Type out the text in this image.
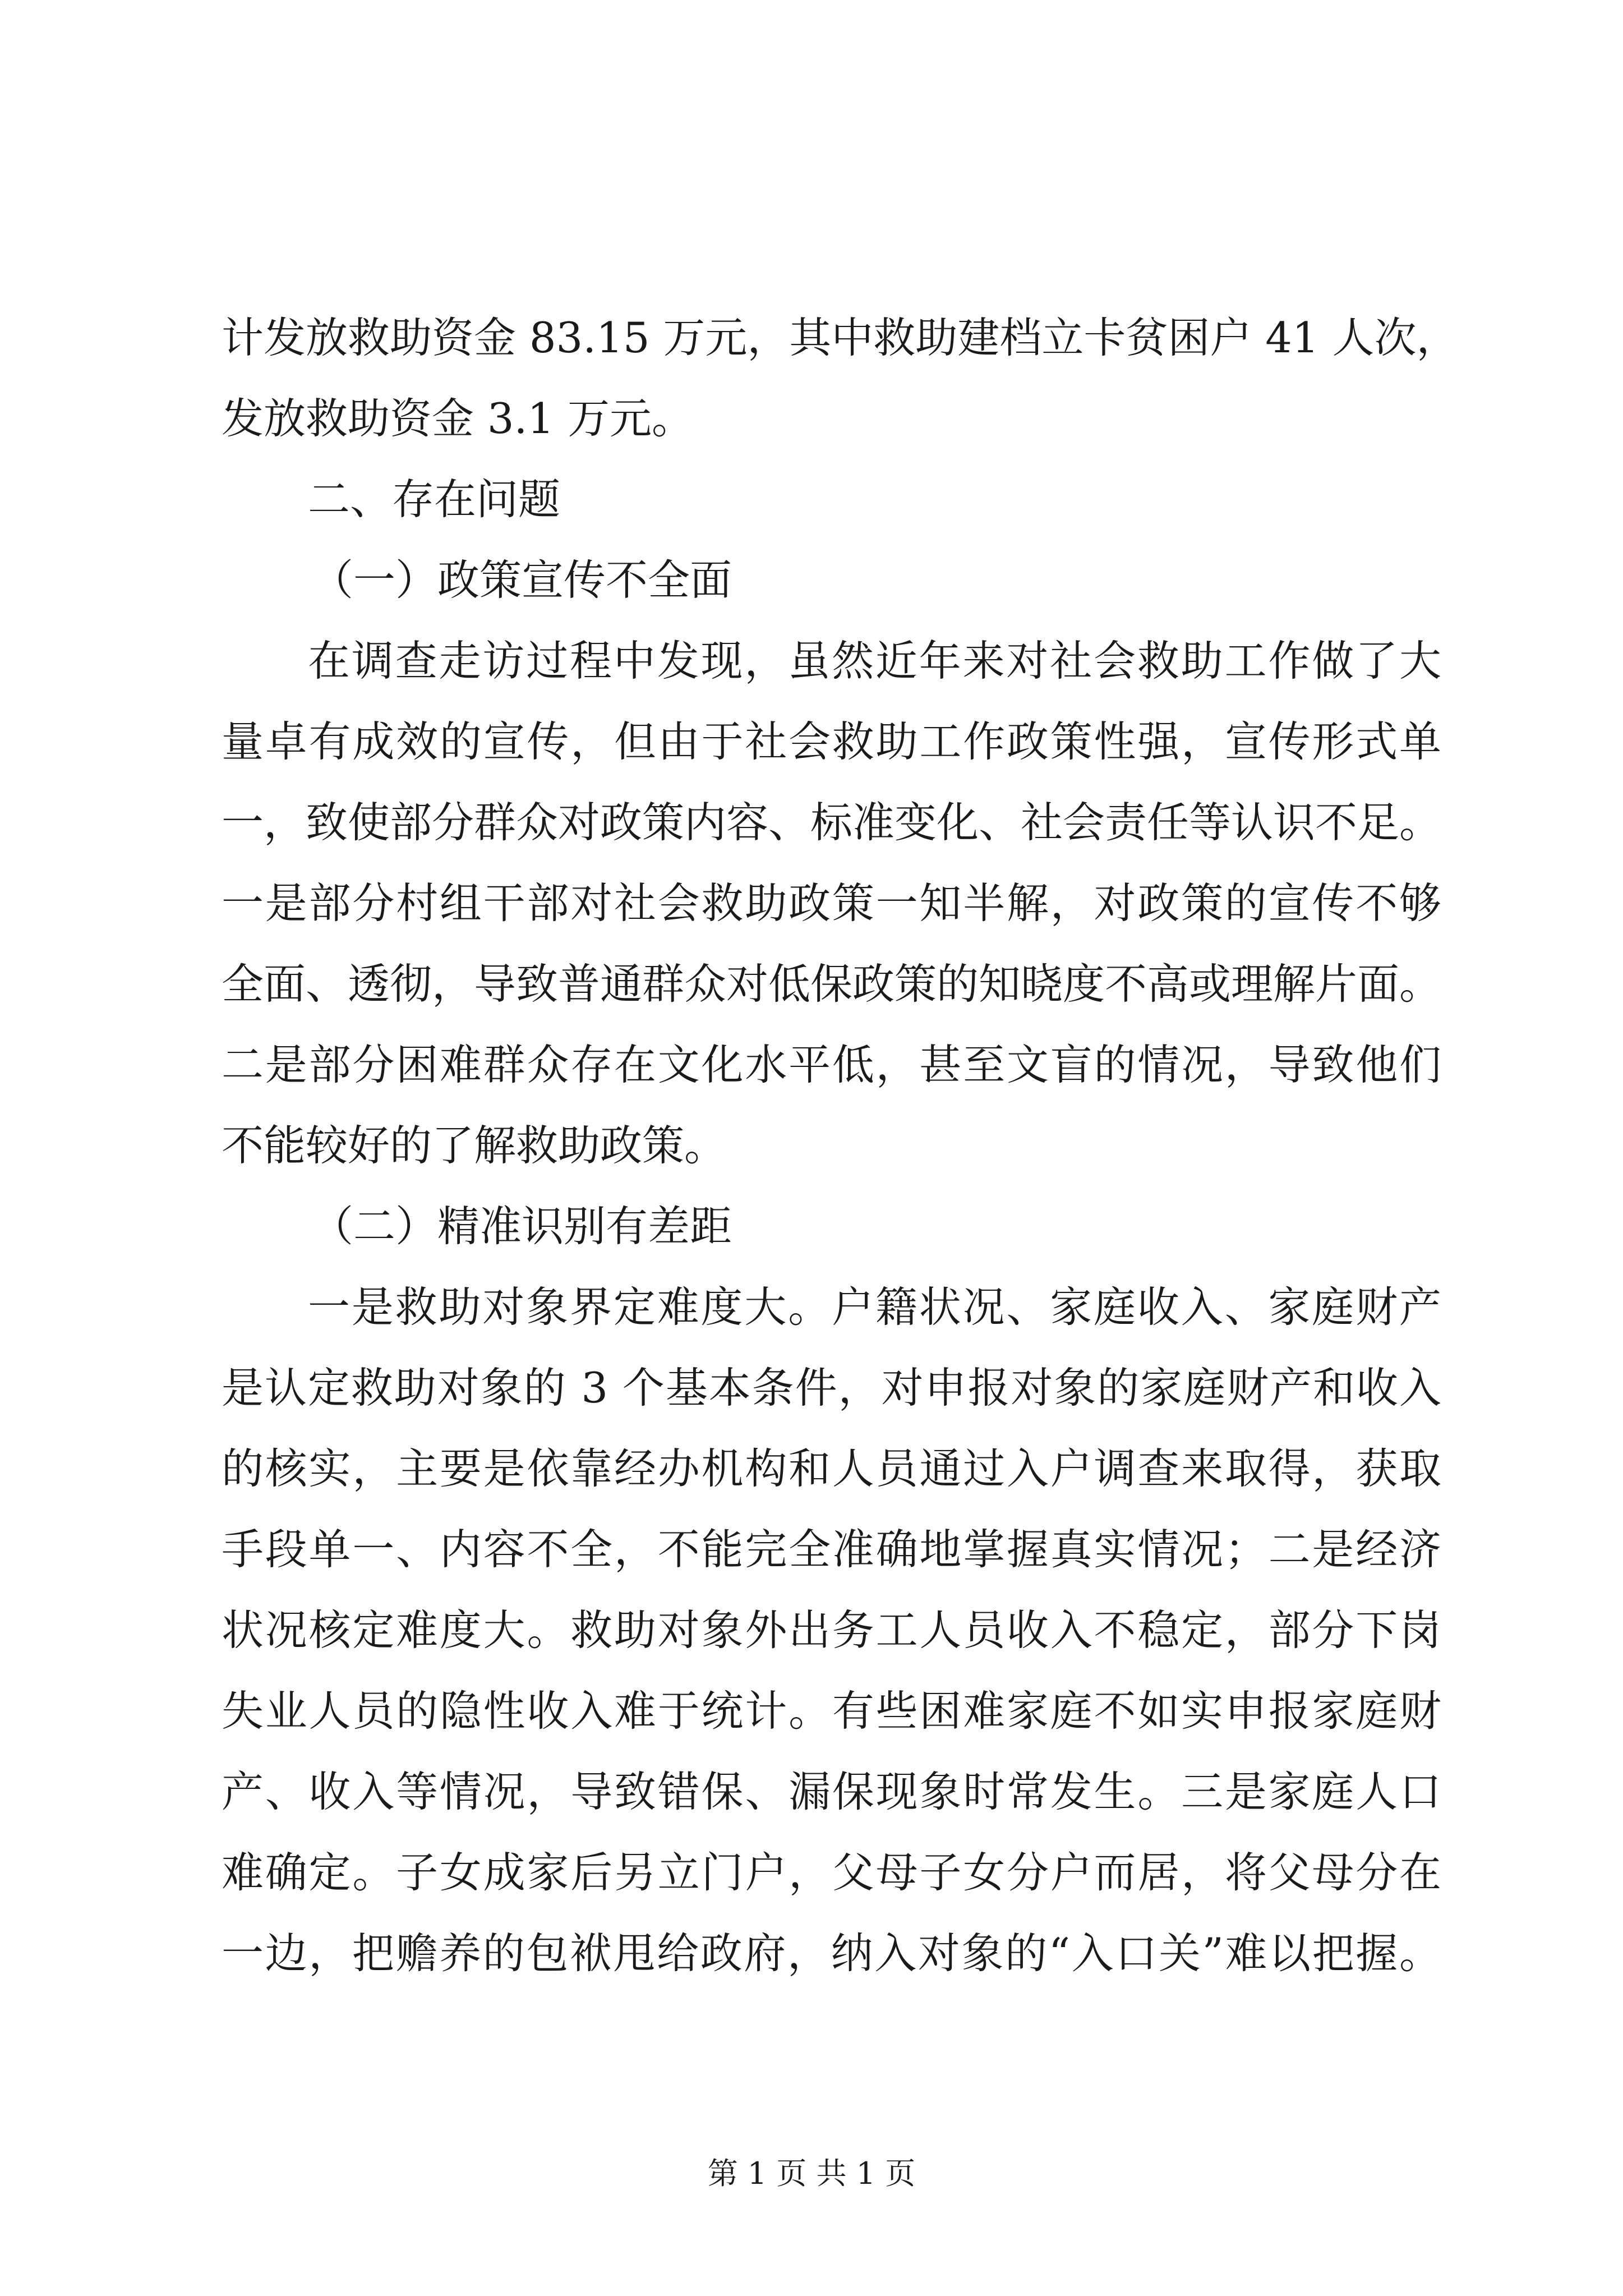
计发放救助资金 83.15 万元，其中救助建档立卡贫困户 41 人次，
发放救助资金 3.1 万元。
二、存在问题
（一）政策宣传不全面
在调查走访过程中发现，虽然近年来对社会救助工作做了大
量卓有成效的宣传，但由于社会救助工作政策性强，宣传形式单
一，致使部分群众对政策内容、标准变化、社会责任等认识不足。
一是部分村组干部对社会救助政策一知半解，对政策的宣传不够
全面、透彻，导致普通群众对低保政策的知晓度不高或理解片面。
二是部分困难群众存在文化水平低，甚至文盲的情况，导致他们
不能较好的了解救助政策。
（二）精准识别有差距
一是救助对象界定难度大。户籍状况、家庭收入、家庭财产
是认定救助对象的 3 个基本条件，对申报对象的家庭财产和收入
的核实，主要是依靠经办机构和人员通过入户调查来取得，获取
手段单一、内容不全，不能完全准确地掌握真实情况；二是经济
状况核定难度大。救助对象外出务工人员收入不稳定，部分下岗
失业人员的隐性收入难于统计。有些困难家庭不如实申报家庭财
产、收入等情况，导致错保、漏保现象时常发生。三是家庭人口
难确定。子女成家后另立门户，父母子女分户而居，将父母分在
一边，把赡养的包袱甩给政府，纳入对象的“入口关”难以把握。
第 1 页 共 1 页
